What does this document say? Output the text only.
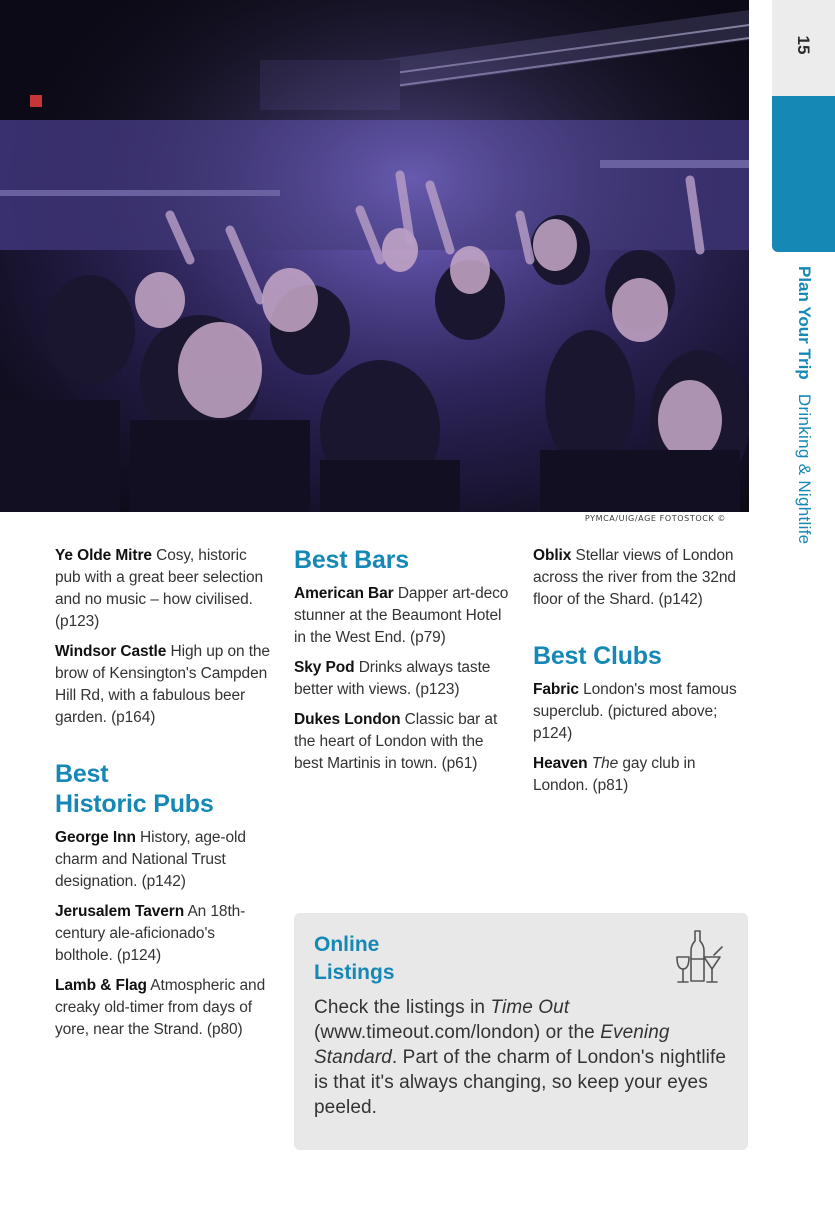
PYMCA/UIG/AGE FOTOSTOCK ©
15
Plan Your Trip   Drinking & Nightlife

Ye Olde Mitre Cosy, historic pub with a great beer selection and no music – how civilised. (p123)

Windsor Castle High up on the brow of Kensington's Campden Hill Rd, with a fabulous beer garden. (p164)

Best
Historic Pubs

George Inn History, age-old charm and National Trust designation. (p142)

Jerusalem Tavern An 18th-century ale-aficionado's bolthole. (p124)

Lamb & Flag Atmospheric and creaky old-timer from days of yore, near the Strand. (p80)

Best Bars

American Bar Dapper art-deco stunner at the Beaumont Hotel in the West End. (p79)

Sky Pod Drinks always taste better with views. (p123)

Dukes London Classic bar at the heart of London with the best Martinis in town. (p61)

Oblix Stellar views of London across the river from the 32nd floor of the Shard. (p142)

Best Clubs

Fabric London's most famous superclub. (pictured above; p124)

Heaven The gay club in London. (p81)

Online
Listings

Check the listings in Time Out (www.timeout.com/london) or the Evening Standard. Part of the charm of London's nightlife is that it's always changing, so keep your eyes peeled.
